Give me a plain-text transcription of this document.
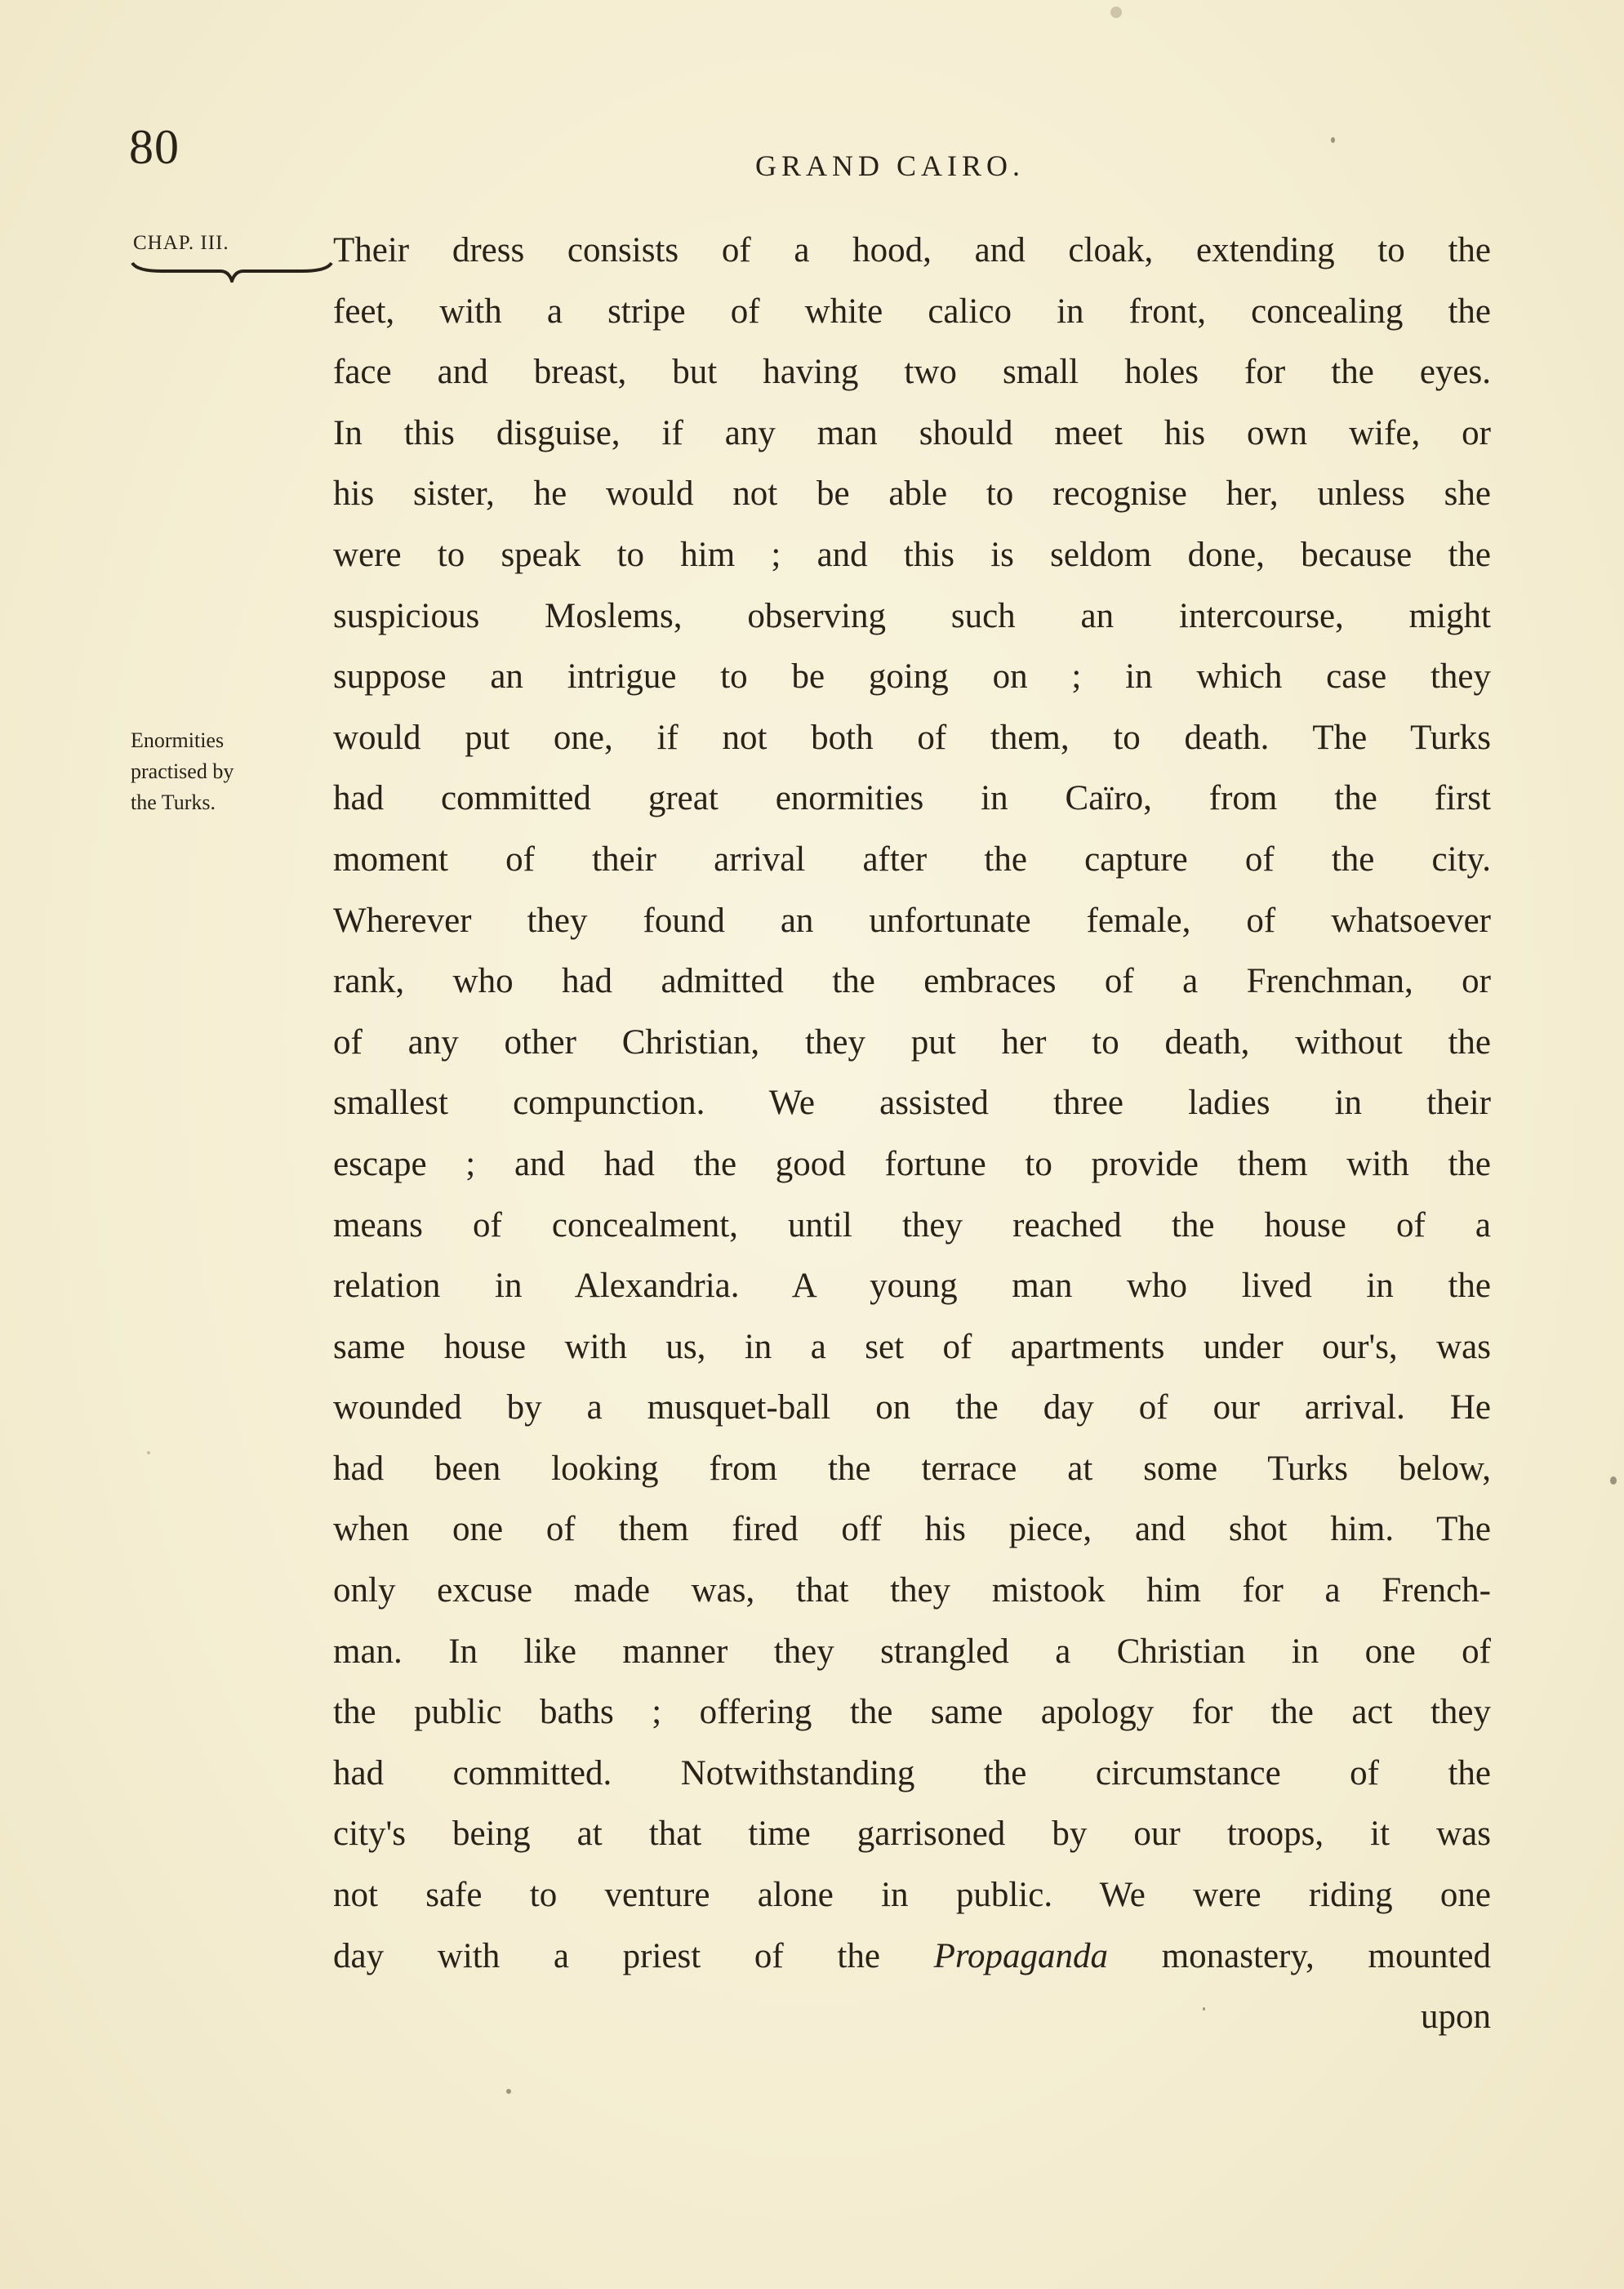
80	GRAND CAIRO.
CHAP. III.
Enormities
practised by
the Turks.
Their dress consists of a hood, and cloak, extending to the
feet, with a stripe of white calico in front, concealing the
face and breast, but having two small holes for the eyes.
In this disguise, if any man should meet his own wife, or
his sister, he would not be able to recognise her, unless she
were to speak to him ; and this is seldom done, because the
suspicious Moslems, observing such an intercourse, might
suppose an intrigue to be going on ; in which case they
would put one, if not both of them, to death. The Turks
had committed great enormities in Caïro, from the first
moment of their arrival after the capture of the city.
Wherever they found an unfortunate female, of whatsoever
rank, who had admitted the embraces of a Frenchman, or
of any other Christian, they put her to death, without the
smallest compunction. We assisted three ladies in their
escape ; and had the good fortune to provide them with the
means of concealment, until they reached the house of a
relation in Alexandria. A young man who lived in the
same house with us, in a set of apartments under our's, was
wounded by a musquet-ball on the day of our arrival. He
had been looking from the terrace at some Turks below,
when one of them fired off his piece, and shot him. The
only excuse made was, that they mistook him for a French-
man. In like manner they strangled a Christian in one of
the public baths ; offering the same apology for the act they
had committed. Notwithstanding the circumstance of the
city's being at that time garrisoned by our troops, it was
not safe to venture alone in public. We were riding one
day with a priest of the Propaganda monastery, mounted
upon
